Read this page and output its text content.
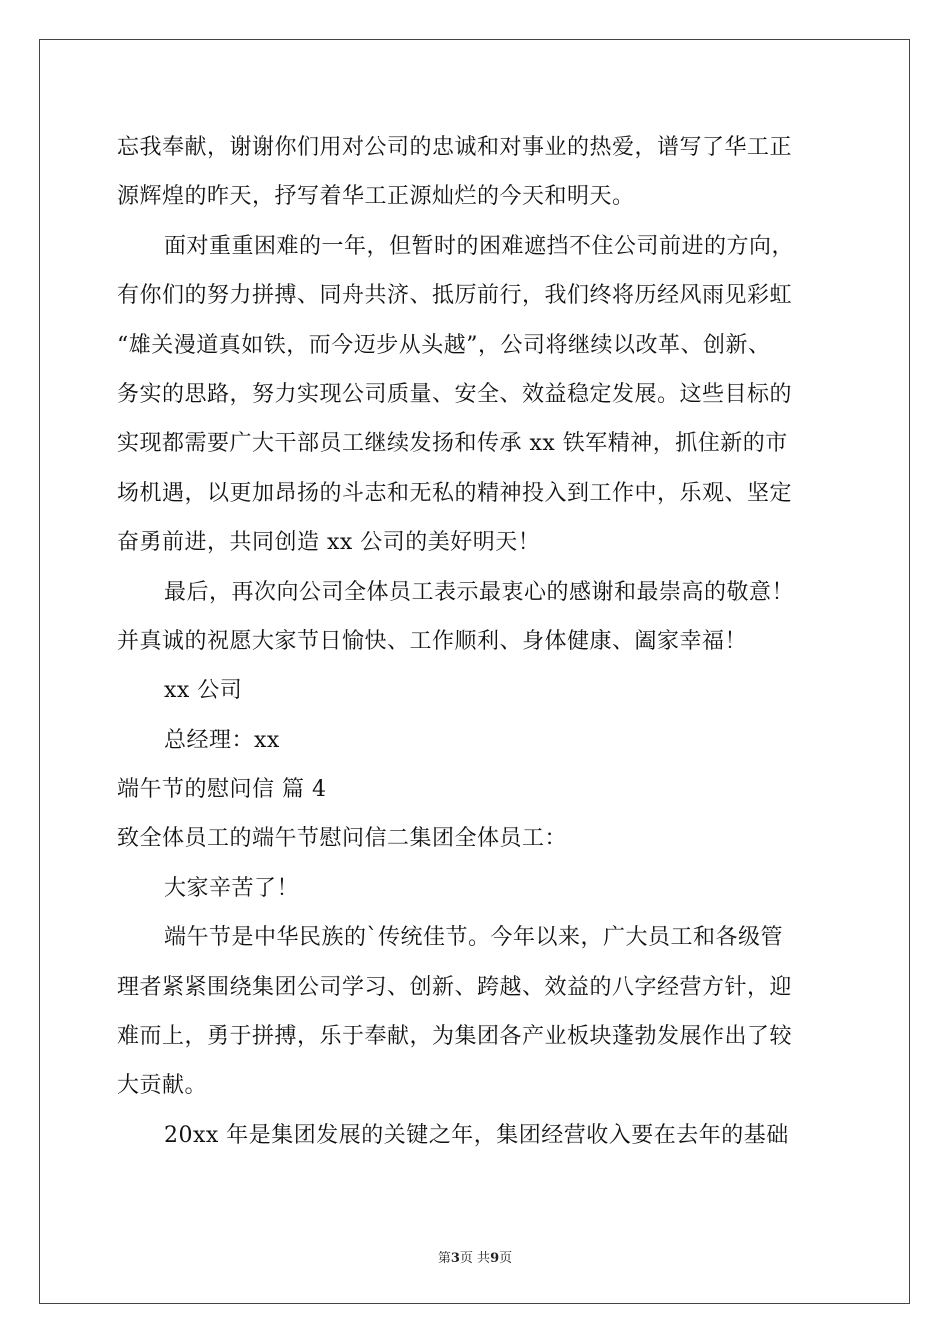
忘我奉献，谢谢你们用对公司的忠诚和对事业的热爱，谱写了华工正
源辉煌的昨天，抒写着华工正源灿烂的今天和明天。
面对重重困难的一年，但暂时的困难遮挡不住公司前进的方向，
有你们的努力拼搏、同舟共济、抵厉前行，我们终将历经风雨见彩虹
“雄关漫道真如铁，而今迈步从头越”，公司将继续以改革、创新、
务实的思路，努力实现公司质量、安全、效益稳定发展。这些目标的
实现都需要广大干部员工继续发扬和传承 xx 铁军精神，抓住新的市
场机遇，以更加昂扬的斗志和无私的精神投入到工作中，乐观、坚定
奋勇前进，共同创造 xx 公司的美好明天！
最后，再次向公司全体员工表示最衷心的感谢和最崇高的敬意！
并真诚的祝愿大家节日愉快、工作顺利、身体健康、阖家幸福！
xx 公司
总经理：xx
端午节的慰问信 篇 4
致全体员工的端午节慰问信二集团全体员工：
大家辛苦了！
端午节是中华民族的`传统佳节。今年以来，广大员工和各级管
理者紧紧围绕集团公司学习、创新、跨越、效益的八字经营方针，迎
难而上，勇于拼搏，乐于奉献，为集团各产业板块蓬勃发展作出了较
大贡献。
20xx 年是集团发展的关键之年，集团经营收入要在去年的基础
第3页 共9页
